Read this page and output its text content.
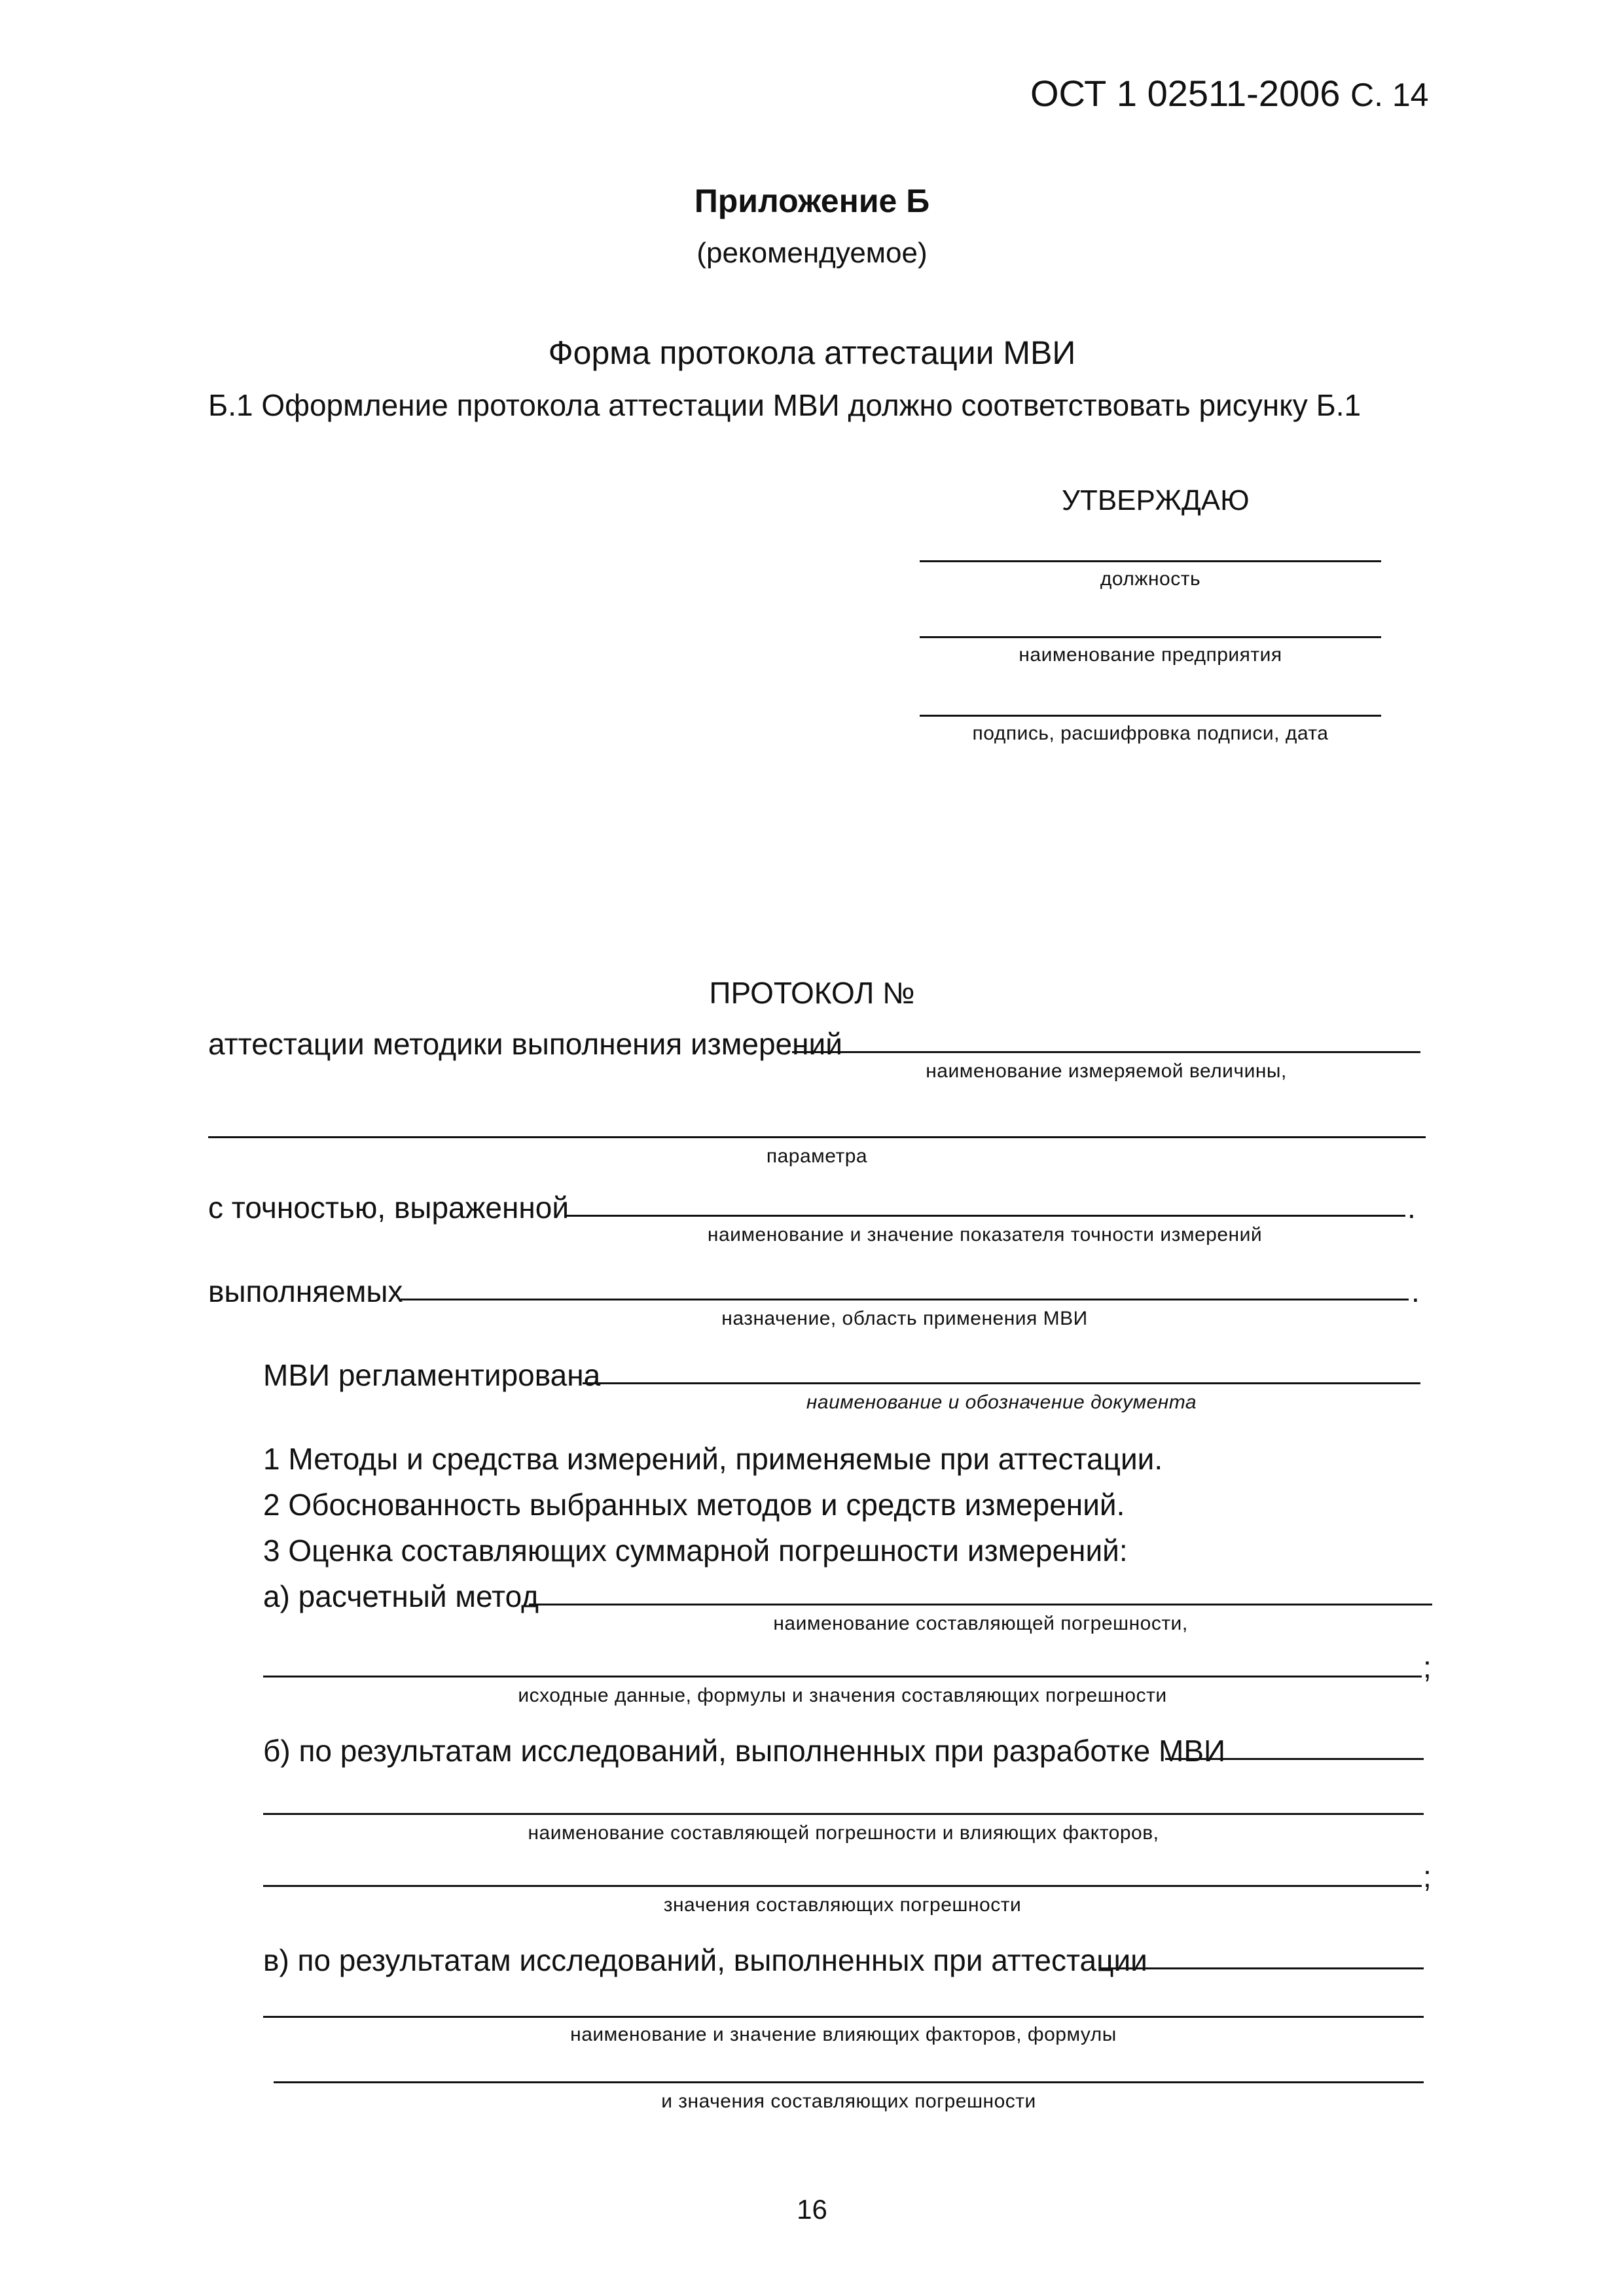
ОСТ 1 02511-2006 С. 14
Приложение Б
(рекомендуемое)
Форма протокола аттестации МВИ
Б.1 Оформление протокола аттестации МВИ должно соответствовать рисунку Б.1
УТВЕРЖДАЮ
должность
наименование предприятия
подпись, расшифровка подписи, дата
ПРОТОКОЛ №
аттестации методики выполнения измерений
наименование измеряемой величины,
параметра
с точностью, выраженной	.
наименование и значение показателя точности измерений
выполняемых	.
назначение, область применения МВИ
МВИ регламентирована
наименование и обозначение документа
1 Методы и средства измерений, применяемые при аттестации.
2 Обоснованность выбранных методов и средств измерений.
3 Оценка составляющих суммарной погрешности измерений:
а) расчетный метод
наименование составляющей погрешности,
;
исходные данные, формулы и значения составляющих погрешности
б) по результатам исследований, выполненных при разработке МВИ
наименование составляющей погрешности и влияющих факторов,
;
значения составляющих погрешности
в) по результатам исследований, выполненных при аттестации
наименование и значение влияющих факторов, формулы
и значения составляющих погрешности
16
